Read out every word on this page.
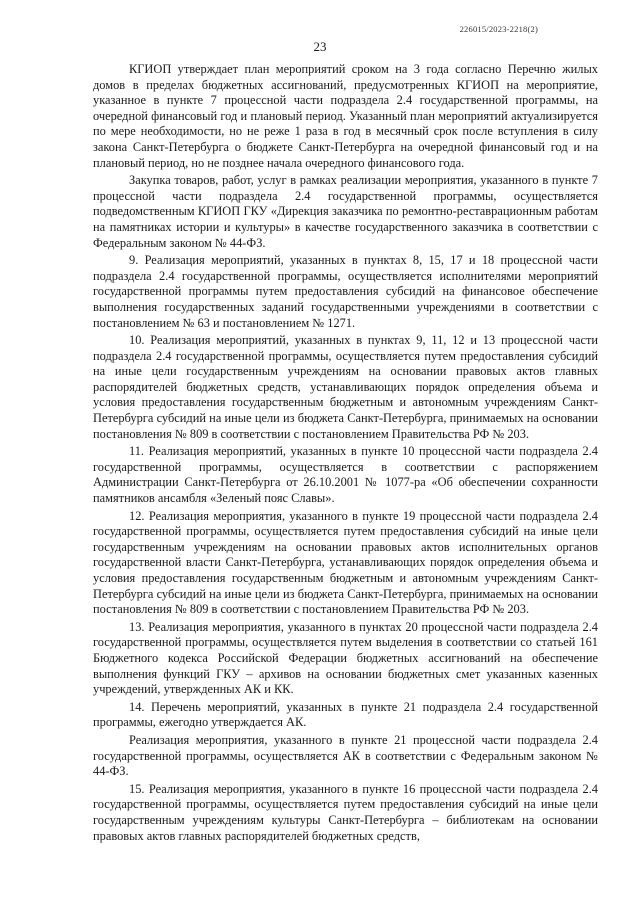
226015/2023-2218(2)
23

КГИОП утверждает план мероприятий сроком на 3 года согласно Перечню жилых домов в пределах бюджетных ассигнований, предусмотренных КГИОП на мероприятие, указанное в пункте 7 процессной части подраздела 2.4 государственной программы, на очередной финансовый год и плановый период. Указанный план мероприятий актуализируется по мере необходимости, но не реже 1 раза в год в месячный срок после вступления в силу закона Санкт-Петербурга о бюджете Санкт-Петербурга на очередной финансовый год и на плановый период, но не позднее начала очередного финансового года.

Закупка товаров, работ, услуг в рамках реализации мероприятия, указанного в пункте 7 процессной части подраздела 2.4 государственной программы, осуществляется подведомственным КГИОП ГКУ «Дирекция заказчика по ремонтно-реставрационным работам на памятниках истории и культуры» в качестве государственного заказчика в соответствии с Федеральным законом № 44-ФЗ.

9. Реализация мероприятий, указанных в пунктах 8, 15, 17 и 18 процессной части подраздела 2.4 государственной программы, осуществляется исполнителями мероприятий государственной программы путем предоставления субсидий на финансовое обеспечение выполнения государственных заданий государственными учреждениями в соответствии с постановлением № 63 и постановлением № 1271.

10. Реализация мероприятий, указанных в пунктах 9, 11, 12 и 13 процессной части подраздела 2.4 государственной программы, осуществляется путем предоставления субсидий на иные цели государственным учреждениям на основании правовых актов главных распорядителей бюджетных средств, устанавливающих порядок определения объема и условия предоставления государственным бюджетным и автономным учреждениям Санкт-Петербурга субсидий на иные цели из бюджета Санкт-Петербурга, принимаемых на основании постановления № 809 в соответствии с постановлением Правительства РФ № 203.

11. Реализация мероприятий, указанных в пункте 10 процессной части подраздела 2.4 государственной программы, осуществляется в соответствии с распоряжением Администрации Санкт-Петербурга от 26.10.2001 № 1077-ра «Об обеспечении сохранности памятников ансамбля «Зеленый пояс Славы».

12. Реализация мероприятия, указанного в пункте 19 процессной части подраздела 2.4 государственной программы, осуществляется путем предоставления субсидий на иные цели государственным учреждениям на основании правовых актов исполнительных органов государственной власти Санкт-Петербурга, устанавливающих порядок определения объема и условия предоставления государственным бюджетным и автономным учреждениям Санкт-Петербурга субсидий на иные цели из бюджета Санкт-Петербурга, принимаемых на основании постановления № 809 в соответствии с постановлением Правительства РФ № 203.

13. Реализация мероприятия, указанного в пунктах 20 процессной части подраздела 2.4 государственной программы, осуществляется путем выделения в соответствии со статьей 161 Бюджетного кодекса Российской Федерации бюджетных ассигнований на обеспечение выполнения функций ГКУ – архивов на основании бюджетных смет указанных казенных учреждений, утвержденных АК и КК.

14. Перечень мероприятий, указанных в пункте 21 подраздела 2.4 государственной программы, ежегодно утверждается АК.

Реализация мероприятия, указанного в пункте 21 процессной части подраздела 2.4 государственной программы, осуществляется АК в соответствии с Федеральным законом № 44-ФЗ.

15. Реализация мероприятия, указанного в пункте 16 процессной части подраздела 2.4 государственной программы, осуществляется путем предоставления субсидий на иные цели государственным учреждениям культуры Санкт-Петербурга – библиотекам на основании правовых актов главных распорядителей бюджетных средств,
